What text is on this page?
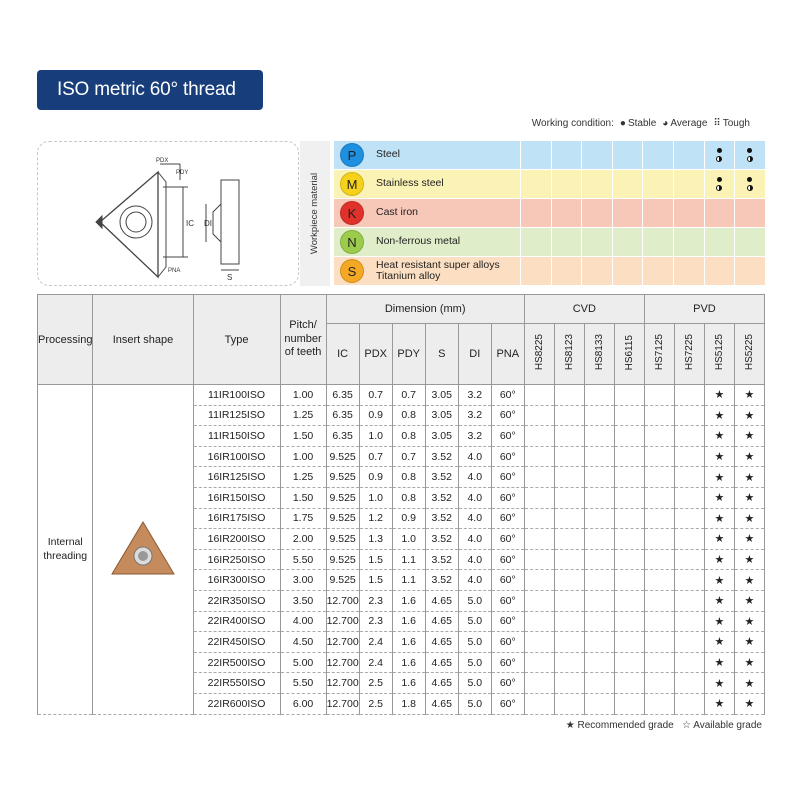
ISO metric 60° thread
Working condition: ● Stable ◕ Average ⠿ Tough
PDX
PDY
IC DI
S
PNA
Workpiece material
P	Steel
M	Stainless steel
K	Cast iron
N	Non-ferrous metal
S	Heat resistant super alloys
Titanium alloy
Processing	Insert shape	Type	Pitch/ number of teeth	Dimension (mm)						CVD				PVD			
				IC	PDX	PDY	S	DI	PNA	HS8225	HS8123	HS8133	HS6115	HS7125	HS7225	HS5125	HS5225
Internal threading		11IR100ISO	1.00	6.35	0.7	0.7	3.05	3.2	60°							★	★
		11IR125ISO	1.25	6.35	0.9	0.8	3.05	3.2	60°							★	★
		11IR150ISO	1.50	6.35	1.0	0.8	3.05	3.2	60°							★	★
		16IR100ISO	1.00	9.525	0.7	0.7	3.52	4.0	60°							★	★
		16IR125ISO	1.25	9.525	0.9	0.8	3.52	4.0	60°							★	★
		16IR150ISO	1.50	9.525	1.0	0.8	3.52	4.0	60°							★	★
		16IR175ISO	1.75	9.525	1.2	0.9	3.52	4.0	60°							★	★
		16IR200ISO	2.00	9.525	1.3	1.0	3.52	4.0	60°							★	★
		16IR250ISO	5.50	9.525	1.5	1.1	3.52	4.0	60°							★	★
		16IR300ISO	3.00	9.525	1.5	1.1	3.52	4.0	60°							★	★
		22IR350ISO	3.50	12.700	2.3	1.6	4.65	5.0	60°							★	★
		22IR400ISO	4.00	12.700	2.3	1.6	4.65	5.0	60°							★	★
		22IR450ISO	4.50	12.700	2.4	1.6	4.65	5.0	60°							★	★
		22IR500ISO	5.00	12.700	2.4	1.6	4.65	5.0	60°							★	★
		22IR550ISO	5.50	12.700	2.5	1.6	4.65	5.0	60°							★	★
		22IR600ISO	6.00	12.700	2.5	1.8	4.65	5.0	60°							★	★
★ Recommended grade ☆ Available grade
